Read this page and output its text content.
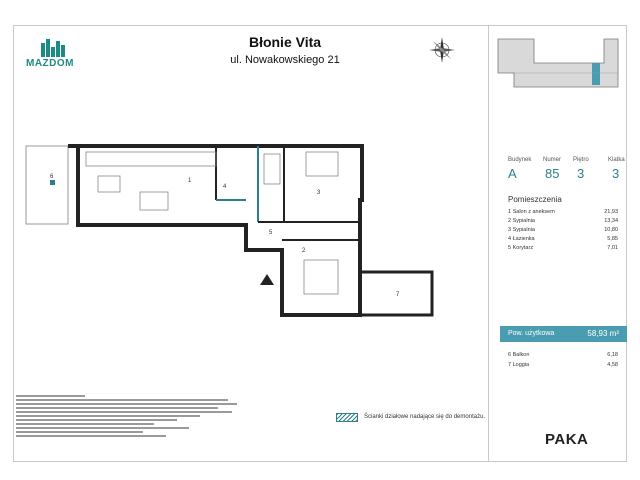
MAZDOM
Błonie Vita
ul. Nowakowskiego 21
1
2
3
4
5
6
7
Ścianki działowe nadające się do demontażu.
Budynek Numer Piętro	Klatka
A 85 3 3
Pomieszczenia
1 Salon z aneksem	21,93
2 Sypialnia	13,34
3 Sypialnia	10,80
4 Łazienka	5,85
5 Korytarz	7,01
Pow. użytkowa	58,93 m²
6 Balkon	6,18
7 Loggia	4,58
PAKA
